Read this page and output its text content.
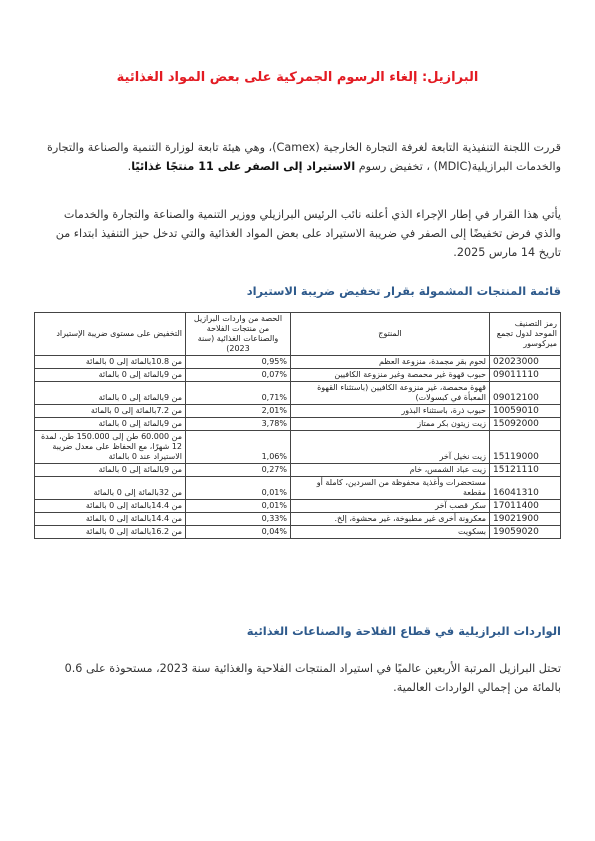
البرازيل: إلغاء الرسوم الجمركية على بعض المواد الغذائية
قررت اللجنة التنفيذية التابعة لغرفة التجارة الخارجية (Camex)، وهي هيئة تابعة لوزارة التنمية والصناعة والتجارة والخدمات البرازيلية(MDIC) ، تخفيض رسوم الاستيراد إلى الصفر على 11 منتجًا غذائيًا.
يأتي هذا القرار في إطار الإجراء الذي أعلنه نائب الرئيس البرازيلي ووزير التنمية والصناعة والتجارة والخدمات والذي فرض تخفيضًا إلى الصفر في ضريبة الاستيراد على بعض المواد الغذائية والتي تدخل حيز التنفيذ ابتداء من تاريخ 14 مارس 2025.
قائمة المنتجات المشمولة بقرار تخفيض ضريبة الاستيراد
رمز التصنيف الموحد لدول تجمع ميركوسور	المنتوج	الحصة من واردات البرازيل من منتجات الفلاحة والصناعات الغذائية (سنة 2023)	التخفيض على مستوى ضريبة الإستيراد
02023000	لحوم بقر مجمدة، منزوعة العظم	0,95%	من 10.8بالمائة إلى 0 بالمائة
09011110	حبوب قهوة غير محمصة وغير منزوعة الكافيين	0,07%	من 9بالمائة إلى 0 بالمائة
09012100	قهوة محمصة، غير منزوعة الكافيين (باستثناء القهوة المعبأة في كبسولات)	0,71%	من 9بالمائة إلى 0 بالمائة
10059010	حبوب ذرة، باستثناء البذور	2,01%	من 7.2بالمائة إلى 0 بالمائة
15092000	زيت زيتون بكر ممتاز	3,78%	من 9بالمائة إلى 0 بالمائة
15119000	زيت نخيل آخر	1,06%	من 60.000 طن إلى 150.000 طن، لمدة 12 شهرًا، مع الحفاظ على معدل ضريبة الاستيراد عند 0 بالمائة
15121110	زيت عباد الشمس، خام	0,27%	من 9بالمائة إلى 0 بالمائة
16041310	مستحضرات وأغذية محفوظة من السردين، كاملة أو مقطعة	0,01%	من 32بالمائة إلى 0 بالمائة
17011400	سكر قصب آخر	0,01%	من 14.4بالمائة إلى 0 بالمائة
19021900	معكرونة أخرى غير مطبوخة، غير محشوة، إلخ.	0,33%	من 14.4بالمائة إلى 0 بالمائة
19059020	بسكويت	0,04%	من 16.2بالمائة إلى 0 بالمائة
الواردات البرازيلية في قطاع الفلاحة والصناعات الغذائية
تحتل البرازيل المرتبة الأربعين عالميًا في استيراد المنتجات الفلاحية والغذائية سنة 2023، مستحوذة على 0.6 بالمائة من إجمالي الواردات العالمية.
